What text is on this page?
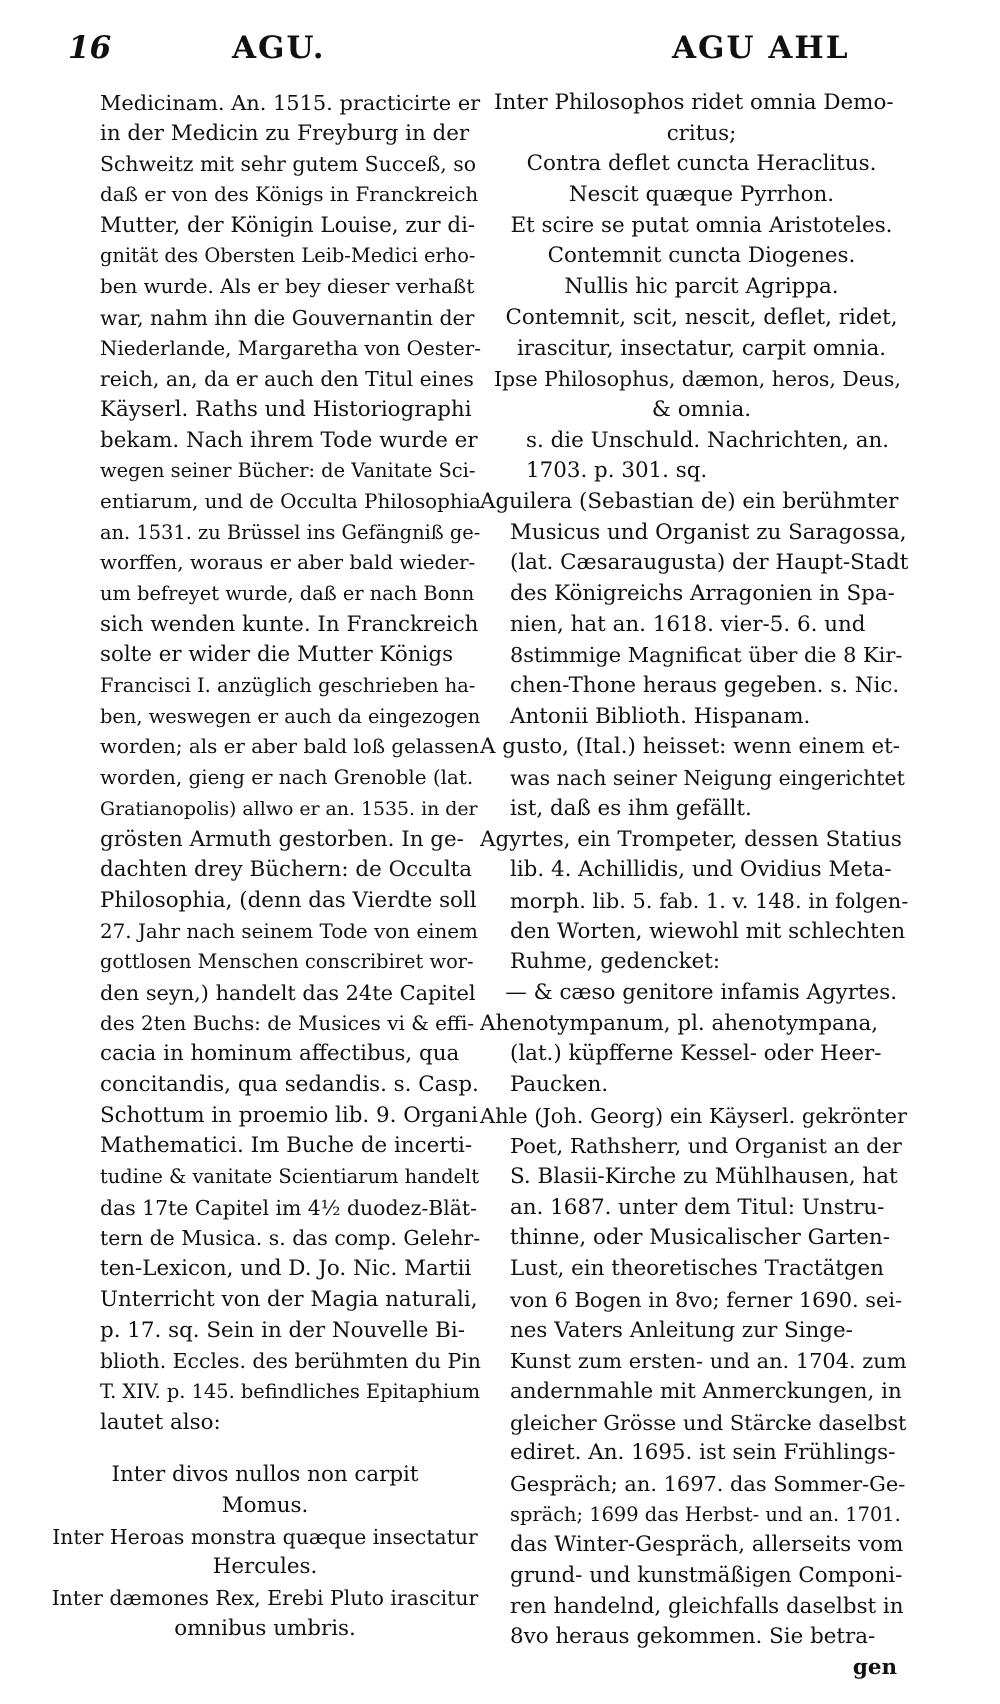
16	AGU.	AGU AHL
Medicinam. An. 1515. practicirte er
in der Medicin zu Freyburg in der
Schweitz mit sehr gutem Succeß, so
daß er von des Königs in Franckreich
Mutter, der Königin Louise, zur di-
gnität des Obersten Leib-Medici erho-
ben wurde. Als er bey dieser verhaßt
war, nahm ihn die Gouvernantin der
Niederlande, Margaretha von Oester-
reich, an, da er auch den Titul eines
Käyserl. Raths und Historiographi
bekam. Nach ihrem Tode wurde er
wegen seiner Bücher: de Vanitate Sci-
entiarum, und de Occulta Philosophia
an. 1531. zu Brüssel ins Gefängniß ge-
worffen, woraus er aber bald wieder-
um befreyet wurde, daß er nach Bonn
sich wenden kunte. In Franckreich
solte er wider die Mutter Königs
Francisci I. anzüglich geschrieben ha-
ben, weswegen er auch da eingezogen
worden; als er aber bald loß gelassen
worden, gieng er nach Grenoble (lat.
Gratianopolis) allwo er an. 1535. in der
grösten Armuth gestorben. In ge-
dachten drey Büchern: de Occulta
Philosophia, (denn das Vierdte soll
27. Jahr nach seinem Tode von einem
gottlosen Menschen conscribiret wor-
den seyn,) handelt das 24te Capitel
des 2ten Buchs: de Musices vi & effi-
cacia in hominum affectibus, qua
concitandis, qua sedandis. s. Casp.
Schottum in proemio lib. 9. Organi
Mathematici. Im Buche de incerti-
tudine & vanitate Scientiarum handelt
das 17te Capitel im 4½ duodez-Blät-
tern de Musica. s. das comp. Gelehr-
ten-Lexicon, und D. Jo. Nic. Martii
Unterricht von der Magia naturali,
p. 17. sq. Sein in der Nouvelle Bi-
blioth. Eccles. des berühmten du Pin
T. XIV. p. 145. befindliches Epitaphium
lautet also:
Inter divos nullos non carpit
Momus.
Inter Heroas monstra quæque insectatur
Hercules.
Inter dæmones Rex, Erebi Pluto irascitur
omnibus umbris.
Inter Philosophos ridet omnia Demo-
critus;
Contra deflet cuncta Heraclitus.
Nescit quæque Pyrrhon.
Et scire se putat omnia Aristoteles.
Contemnit cuncta Diogenes.
Nullis hic parcit Agrippa.
Contemnit, scit, nescit, deflet, ridet,
irascitur, insectatur, carpit omnia.
Ipse Philosophus, dæmon, heros, Deus,
& omnia.
s. die Unschuld. Nachrichten, an.
1703. p. 301. sq.
Aguilera (Sebastian de) ein berühmter
Musicus und Organist zu Saragossa,
(lat. Cæsaraugusta) der Haupt-Stadt
des Königreichs Arragonien in Spa-
nien, hat an. 1618. vier-5. 6. und
8stimmige Magnificat über die 8 Kir-
chen-Thone heraus gegeben. s. Nic.
Antonii Biblioth. Hispanam.
A gusto, (Ital.) heisset: wenn einem et-
was nach seiner Neigung eingerichtet
ist, daß es ihm gefällt.
Agyrtes, ein Trompeter, dessen Statius
lib. 4. Achillidis, und Ovidius Meta-
morph. lib. 5. fab. 1. v. 148. in folgen-
den Worten, wiewohl mit schlechten
Ruhme, gedencket:
— & cæso genitore infamis Agyrtes.
Ahenotympanum, pl. ahenotympana,
(lat.) küpfferne Kessel- oder Heer-
Paucken.
Ahle (Joh. Georg) ein Käyserl. gekrönter
Poet, Rathsherr, und Organist an der
S. Blasii-Kirche zu Mühlhausen, hat
an. 1687. unter dem Titul: Unstru-
thinne, oder Musicalischer Garten-
Lust, ein theoretisches Tractätgen
von 6 Bogen in 8vo; ferner 1690. sei-
nes Vaters Anleitung zur Singe-
Kunst zum ersten- und an. 1704. zum
andernmahle mit Anmerckungen, in
gleicher Grösse und Stärcke daselbst
ediret. An. 1695. ist sein Frühlings-
Gespräch; an. 1697. das Sommer-Ge-
spräch; 1699 das Herbst- und an. 1701.
das Winter-Gespräch, allerseits vom
grund- und kunstmäßigen Componi-
ren handelnd, gleichfalls daselbst in
8vo heraus gekommen. Sie betra-
gen
